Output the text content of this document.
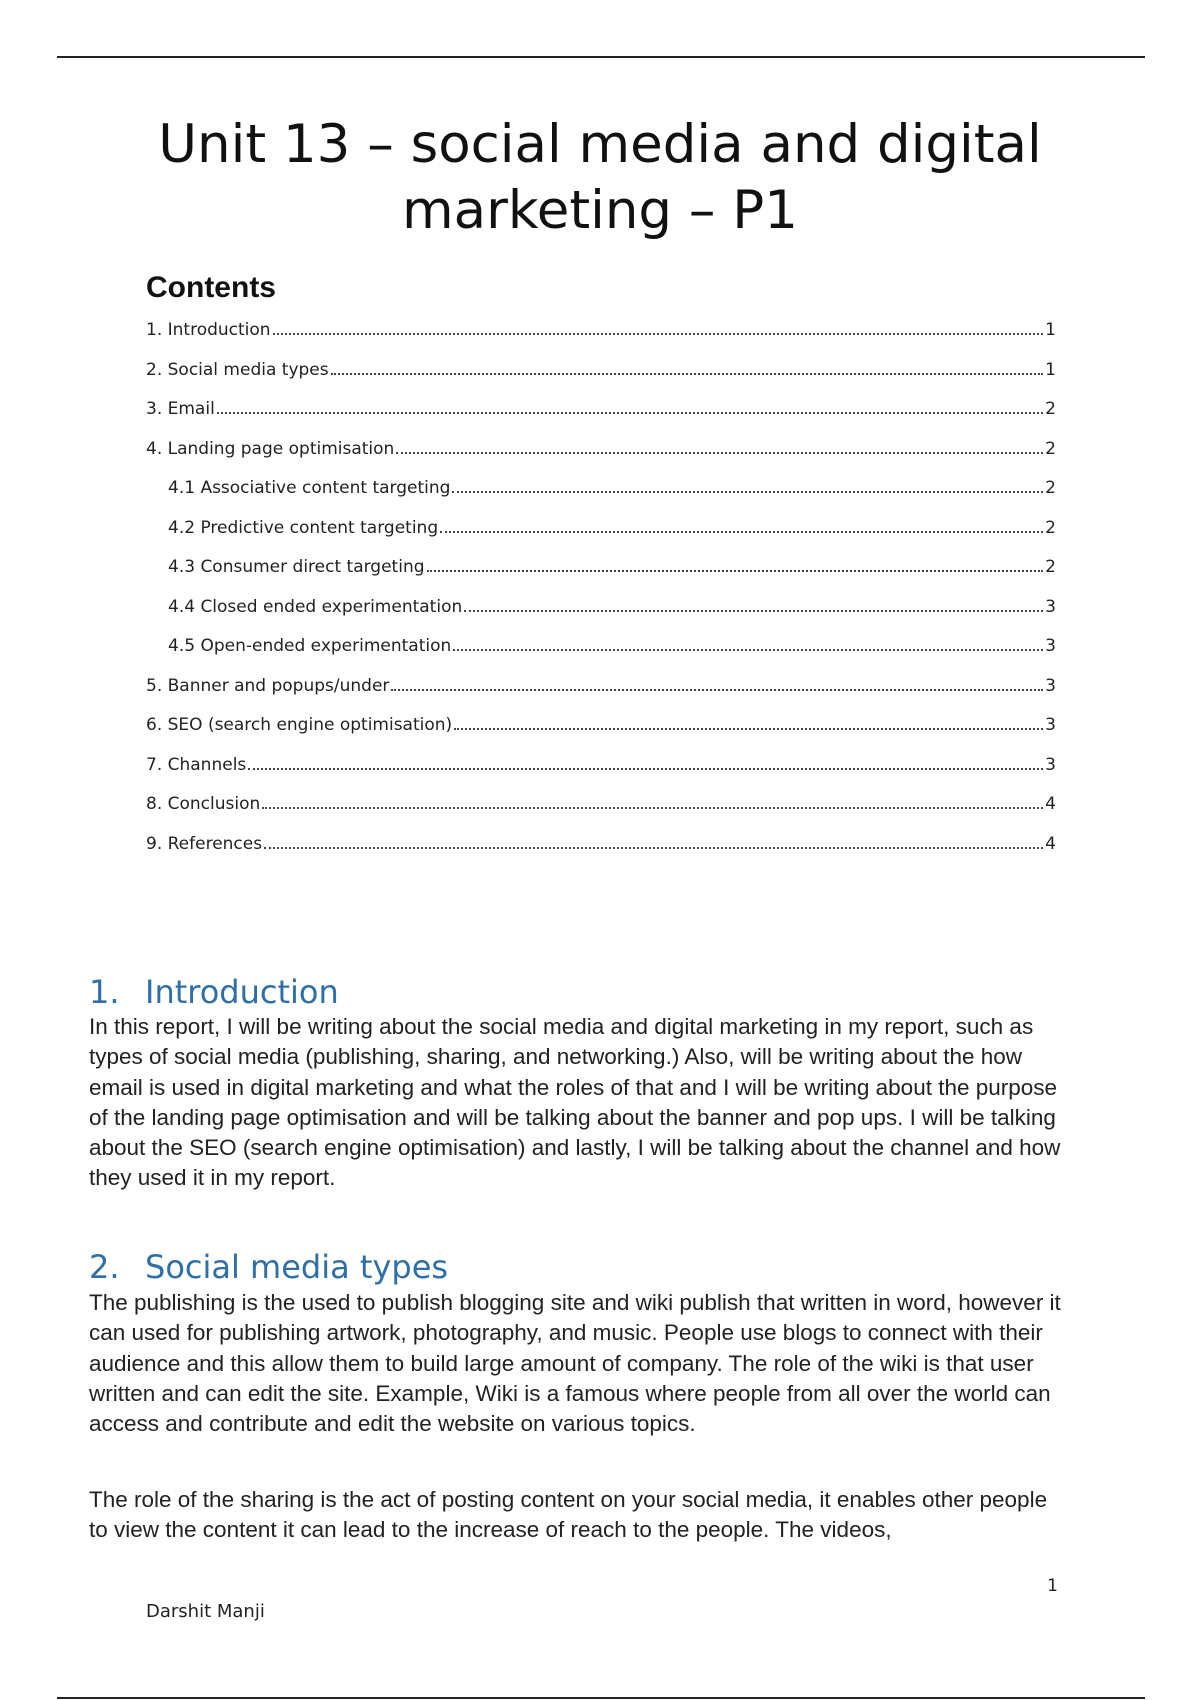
Unit 13 – social media and digital marketing – P1
Contents
1. Introduction	1
2. Social media types	1
3. Email	2
4. Landing page optimisation	2
4.1 Associative content targeting	2
4.2 Predictive content targeting	2
4.3 Consumer direct targeting	2
4.4 Closed ended experimentation	3
4.5 Open-ended experimentation	3
5. Banner and popups/under	3
6. SEO (search engine optimisation)	3
7. Channels	3
8. Conclusion	4
9. References	4
1. Introduction

In this report, I will be writing about the social media and digital marketing in my report, such as types of social media (publishing, sharing, and networking.) Also, will be writing about the how email is used in digital marketing and what the roles of that and I will be writing about the purpose of the landing page optimisation and will be talking about the banner and pop ups. I will be talking about the SEO (search engine optimisation) and lastly, I will be talking about the channel and how they used it in my report.

2. Social media types

The publishing is the used to publish blogging site and wiki publish that written in word, however it can used for publishing artwork, photography, and music. People use blogs to connect with their audience and this allow them to build large amount of company. The role of the wiki is that user written and can edit the site. Example, Wiki is a famous where people from all over the world can access and contribute and edit the website on various topics.

The role of the sharing is the act of posting content on your social media, it enables other people to view the content it can lead to the increase of reach to the people. The videos,

1
Darshit Manji
